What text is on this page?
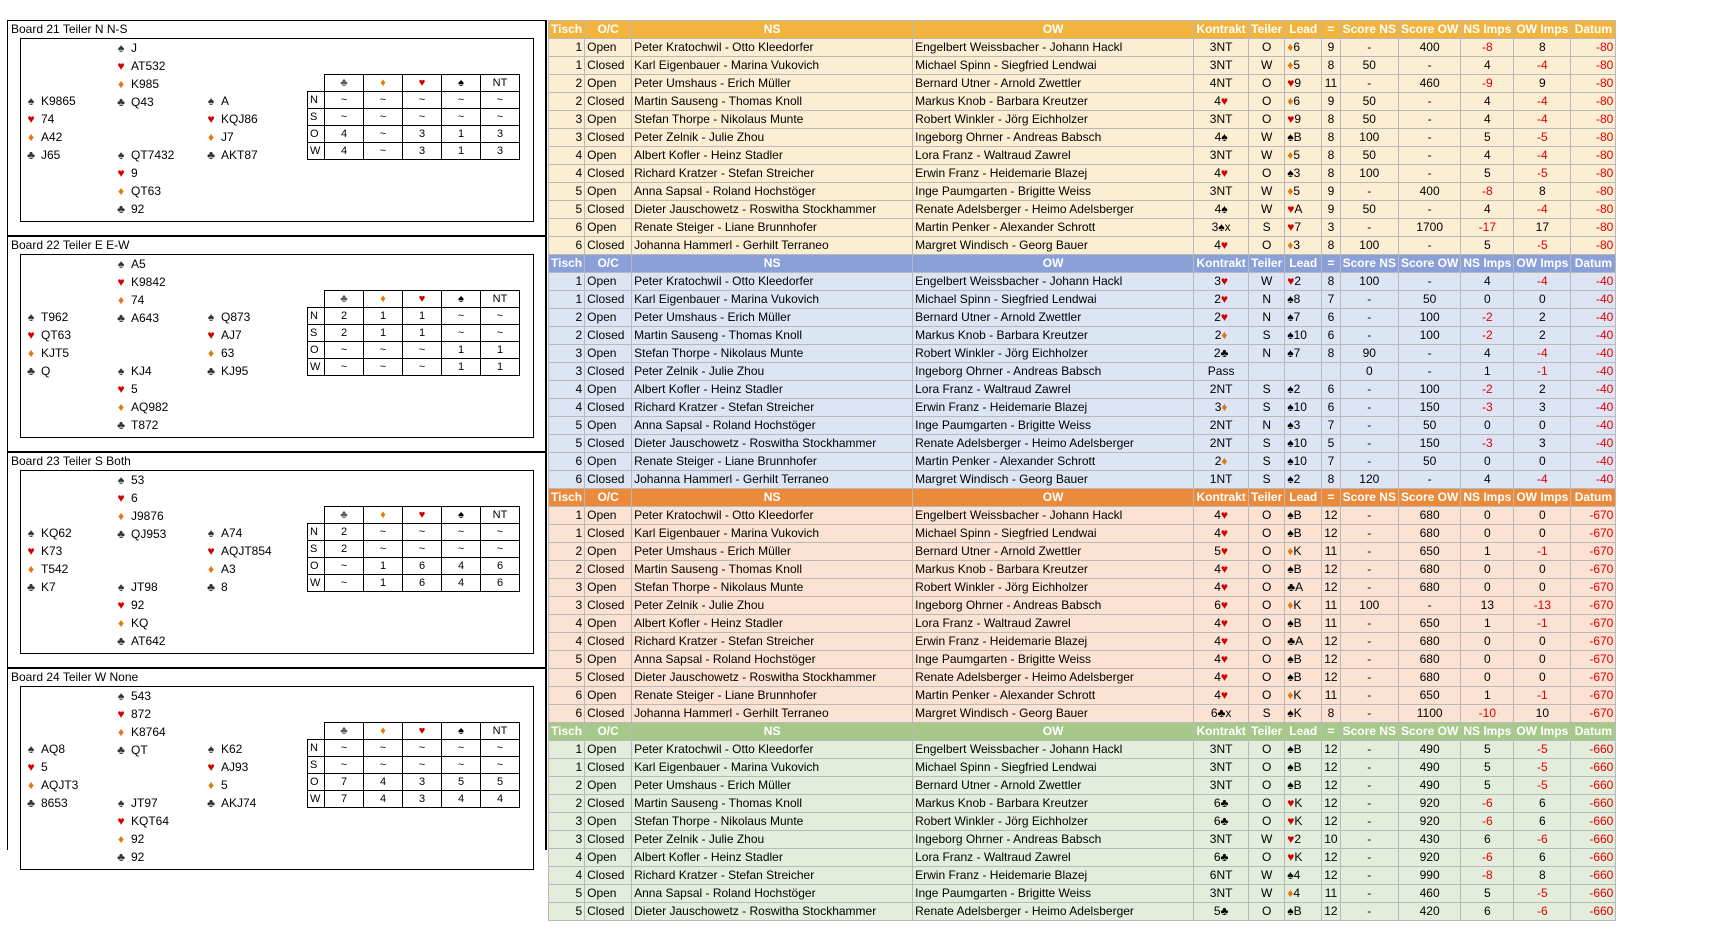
Board 21 Teiler N N-S
♠ J
♥ AT532
♦ K985
♣ Q43
♠ K9865
♥ 74
♦ A42
♣ J65
♠ A
♥ KQJ86
♦ J7
♣ AKT87
♠ QT7432
♥ 9
♦ QT63
♣ 92
	♣	♦	♥	♠	NT
N	~	~	~	~	~
S	~	~	~	~	~
O	4	~	3	1	3
W	4	~	3	1	3
Board 22 Teiler E E-W
♠ A5
♥ K9842
♦ 74
♣ A643
♠ T962
♥ QT63
♦ KJT5
♣ Q
♠ Q873
♥ AJ7
♦ 63
♣ KJ95
♠ KJ4
♥ 5
♦ AQ982
♣ T872
	♣	♦	♥	♠	NT
N	2	1	1	~	~
S	2	1	1	~	~
O	~	~	~	1	1
W	~	~	~	1	1
Board 23 Teiler S Both
♠ 53
♥ 6
♦ J9876
♣ QJ953
♠ KQ62
♥ K73
♦ T542
♣ K7
♠ A74
♥ AQJT854
♦ A3
♣ 8
♠ JT98
♥ 92
♦ KQ
♣ AT642
	♣	♦	♥	♠	NT
N	2	~	~	~	~
S	2	~	~	~	~
O	~	1	6	4	6
W	~	1	6	4	6
Board 24 Teiler W None
♠ 543
♥ 872
♦ K8764
♣ QT
♠ AQ8
♥ 5
♦ AQJT3
♣ 8653
♠ K62
♥ AJ93
♦ 5
♣ AKJ74
♠ JT97
♥ KQT64
♦ 92
♣ 92
	♣	♦	♥	♠	NT
N	~	~	~	~	~
S	~	~	~	~	~
O	7	4	3	5	5
W	7	4	3	4	4
Tisch	O/C	NS	OW	Kontrakt	Teiler	Lead	=	Score NS	Score OW	NS Imps	OW Imps	Datum
1	Open	Peter Kratochwil - Otto Kleedorfer	Engelbert Weissbacher - Johann Hackl	3NT	O	♦6	9	-	400	-8	8	-80
1	Closed	Karl Eigenbauer - Marina Vukovich	Michael Spinn - Siegfried Lendwai	3NT	W	♦5	8	50	-	4	-4	-80
2	Open	Peter Umshaus - Erich Müller	Bernard Utner - Arnold Zwettler	4NT	O	♥9	11	-	460	-9	9	-80
2	Closed	Martin Sauseng - Thomas Knoll	Markus Knob - Barbara Kreutzer	4♥	O	♦6	9	50	-	4	-4	-80
3	Open	Stefan Thorpe - Nikolaus Munte	Robert Winkler - Jörg Eichholzer	3NT	O	♥9	8	50	-	4	-4	-80
3	Closed	Peter Zelnik - Julie Zhou	Ingeborg Ohrner - Andreas Babsch	4♠	W	♠B	8	100	-	5	-5	-80
4	Open	Albert Kofler - Heinz Stadler	Lora Franz - Waltraud Zawrel	3NT	W	♦5	8	50	-	4	-4	-80
4	Closed	Richard Kratzer - Stefan Streicher	Erwin Franz - Heidemarie Blazej	4♥	O	♠3	8	100	-	5	-5	-80
5	Open	Anna Sapsal - Roland Hochstöger	Inge Paumgarten - Brigitte Weiss	3NT	W	♦5	9	-	400	-8	8	-80
5	Closed	Dieter Jauschowetz - Roswitha Stockhammer	Renate Adelsberger - Heimo Adelsberger	4♠	W	♥A	9	50	-	4	-4	-80
6	Open	Renate Steiger - Liane Brunnhofer	Martin Penker - Alexander Schrott	3♠x	S	♥7	3	-	1700	-17	17	-80
6	Closed	Johanna Hammerl - Gerhilt Terraneo	Margret Windisch - Georg Bauer	4♥	O	♦3	8	100	-	5	-5	-80
Tisch	O/C	NS	OW	Kontrakt	Teiler	Lead	=	Score NS	Score OW	NS Imps	OW Imps	Datum
1	Open	Peter Kratochwil - Otto Kleedorfer	Engelbert Weissbacher - Johann Hackl	3♥	W	♥2	8	100	-	4	-4	-40
1	Closed	Karl Eigenbauer - Marina Vukovich	Michael Spinn - Siegfried Lendwai	2♥	N	♠8	7	-	50	0	0	-40
2	Open	Peter Umshaus - Erich Müller	Bernard Utner - Arnold Zwettler	2♥	N	♠7	6	-	100	-2	2	-40
2	Closed	Martin Sauseng - Thomas Knoll	Markus Knob - Barbara Kreutzer	2♦	S	♠10	6	-	100	-2	2	-40
3	Open	Stefan Thorpe - Nikolaus Munte	Robert Winkler - Jörg Eichholzer	2♣	N	♠7	8	90	-	4	-4	-40
3	Closed	Peter Zelnik - Julie Zhou	Ingeborg Ohrner - Andreas Babsch	Pass				0	-	1	-1	-40
4	Open	Albert Kofler - Heinz Stadler	Lora Franz - Waltraud Zawrel	2NT	S	♠2	6	-	100	-2	2	-40
4	Closed	Richard Kratzer - Stefan Streicher	Erwin Franz - Heidemarie Blazej	3♦	S	♠10	6	-	150	-3	3	-40
5	Open	Anna Sapsal - Roland Hochstöger	Inge Paumgarten - Brigitte Weiss	2NT	N	♠3	7	-	50	0	0	-40
5	Closed	Dieter Jauschowetz - Roswitha Stockhammer	Renate Adelsberger - Heimo Adelsberger	2NT	S	♠10	5	-	150	-3	3	-40
6	Open	Renate Steiger - Liane Brunnhofer	Martin Penker - Alexander Schrott	2♦	S	♠10	7	-	50	0	0	-40
6	Closed	Johanna Hammerl - Gerhilt Terraneo	Margret Windisch - Georg Bauer	1NT	S	♠2	8	120	-	4	-4	-40
Tisch	O/C	NS	OW	Kontrakt	Teiler	Lead	=	Score NS	Score OW	NS Imps	OW Imps	Datum
1	Open	Peter Kratochwil - Otto Kleedorfer	Engelbert Weissbacher - Johann Hackl	4♥	O	♠B	12	-	680	0	0	-670
1	Closed	Karl Eigenbauer - Marina Vukovich	Michael Spinn - Siegfried Lendwai	4♥	O	♠B	12	-	680	0	0	-670
2	Open	Peter Umshaus - Erich Müller	Bernard Utner - Arnold Zwettler	5♥	O	♦K	11	-	650	1	-1	-670
2	Closed	Martin Sauseng - Thomas Knoll	Markus Knob - Barbara Kreutzer	4♥	O	♠B	12	-	680	0	0	-670
3	Open	Stefan Thorpe - Nikolaus Munte	Robert Winkler - Jörg Eichholzer	4♥	O	♣A	12	-	680	0	0	-670
3	Closed	Peter Zelnik - Julie Zhou	Ingeborg Ohrner - Andreas Babsch	6♥	O	♦K	11	100	-	13	-13	-670
4	Open	Albert Kofler - Heinz Stadler	Lora Franz - Waltraud Zawrel	4♥	O	♠B	11	-	650	1	-1	-670
4	Closed	Richard Kratzer - Stefan Streicher	Erwin Franz - Heidemarie Blazej	4♥	O	♣A	12	-	680	0	0	-670
5	Open	Anna Sapsal - Roland Hochstöger	Inge Paumgarten - Brigitte Weiss	4♥	O	♠B	12	-	680	0	0	-670
5	Closed	Dieter Jauschowetz - Roswitha Stockhammer	Renate Adelsberger - Heimo Adelsberger	4♥	O	♠B	12	-	680	0	0	-670
6	Open	Renate Steiger - Liane Brunnhofer	Martin Penker - Alexander Schrott	4♥	O	♦K	11	-	650	1	-1	-670
6	Closed	Johanna Hammerl - Gerhilt Terraneo	Margret Windisch - Georg Bauer	6♣x	S	♠K	8	-	1100	-10	10	-670
Tisch	O/C	NS	OW	Kontrakt	Teiler	Lead	=	Score NS	Score OW	NS Imps	OW Imps	Datum
1	Open	Peter Kratochwil - Otto Kleedorfer	Engelbert Weissbacher - Johann Hackl	3NT	O	♠B	12	-	490	5	-5	-660
1	Closed	Karl Eigenbauer - Marina Vukovich	Michael Spinn - Siegfried Lendwai	3NT	O	♠B	12	-	490	5	-5	-660
2	Open	Peter Umshaus - Erich Müller	Bernard Utner - Arnold Zwettler	3NT	O	♠B	12	-	490	5	-5	-660
2	Closed	Martin Sauseng - Thomas Knoll	Markus Knob - Barbara Kreutzer	6♣	O	♥K	12	-	920	-6	6	-660
3	Open	Stefan Thorpe - Nikolaus Munte	Robert Winkler - Jörg Eichholzer	6♣	O	♥K	12	-	920	-6	6	-660
3	Closed	Peter Zelnik - Julie Zhou	Ingeborg Ohrner - Andreas Babsch	3NT	W	♥2	10	-	430	6	-6	-660
4	Open	Albert Kofler - Heinz Stadler	Lora Franz - Waltraud Zawrel	6♣	O	♥K	12	-	920	-6	6	-660
4	Closed	Richard Kratzer - Stefan Streicher	Erwin Franz - Heidemarie Blazej	6NT	W	♠4	12	-	990	-8	8	-660
5	Open	Anna Sapsal - Roland Hochstöger	Inge Paumgarten - Brigitte Weiss	3NT	W	♦4	11	-	460	5	-5	-660
5	Closed	Dieter Jauschowetz - Roswitha Stockhammer	Renate Adelsberger - Heimo Adelsberger	5♣	O	♠B	12	-	420	6	-6	-660
